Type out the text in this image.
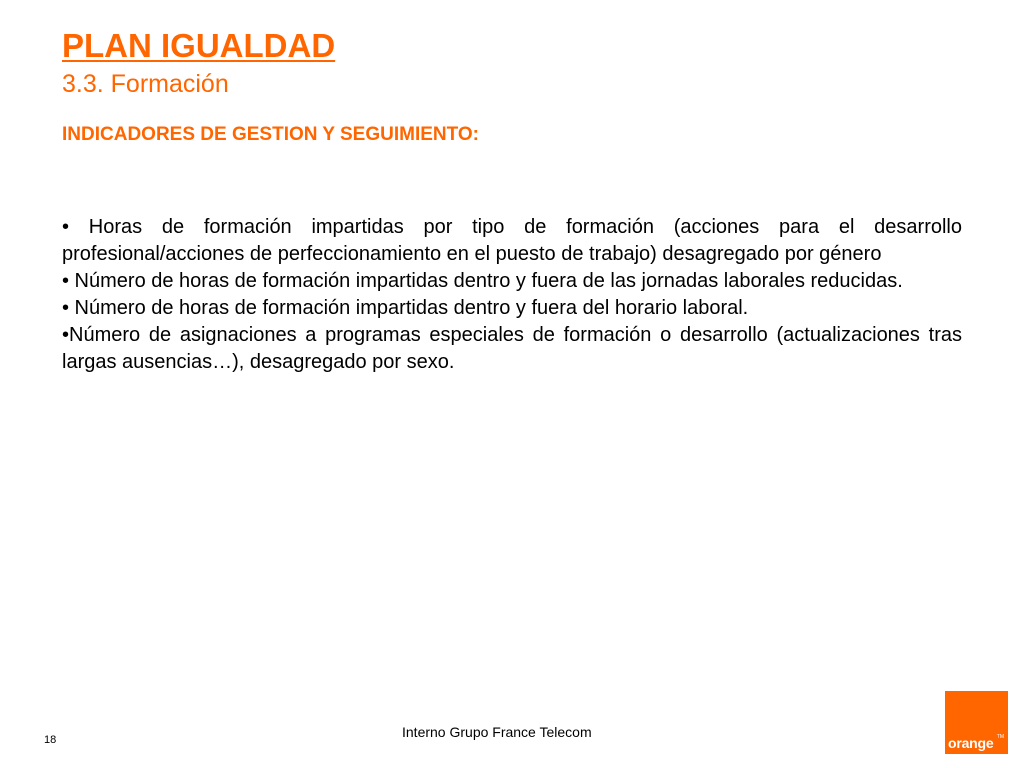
PLAN IGUALDAD
3.3. Formación
INDICADORES DE GESTION Y SEGUIMIENTO:
• Horas de formación impartidas por tipo de formación (acciones para el desarrollo profesional/acciones de perfeccionamiento en el puesto de trabajo) desagregado por género
• Número de horas de formación impartidas dentro y fuera de las jornadas laborales reducidas.
• Número de horas de formación impartidas dentro y fuera del horario laboral.
•Número de asignaciones a programas especiales de formación o desarrollo (actualizaciones tras largas ausencias…), desagregado por sexo.
Interno Grupo France Telecom
18	TM
orange
